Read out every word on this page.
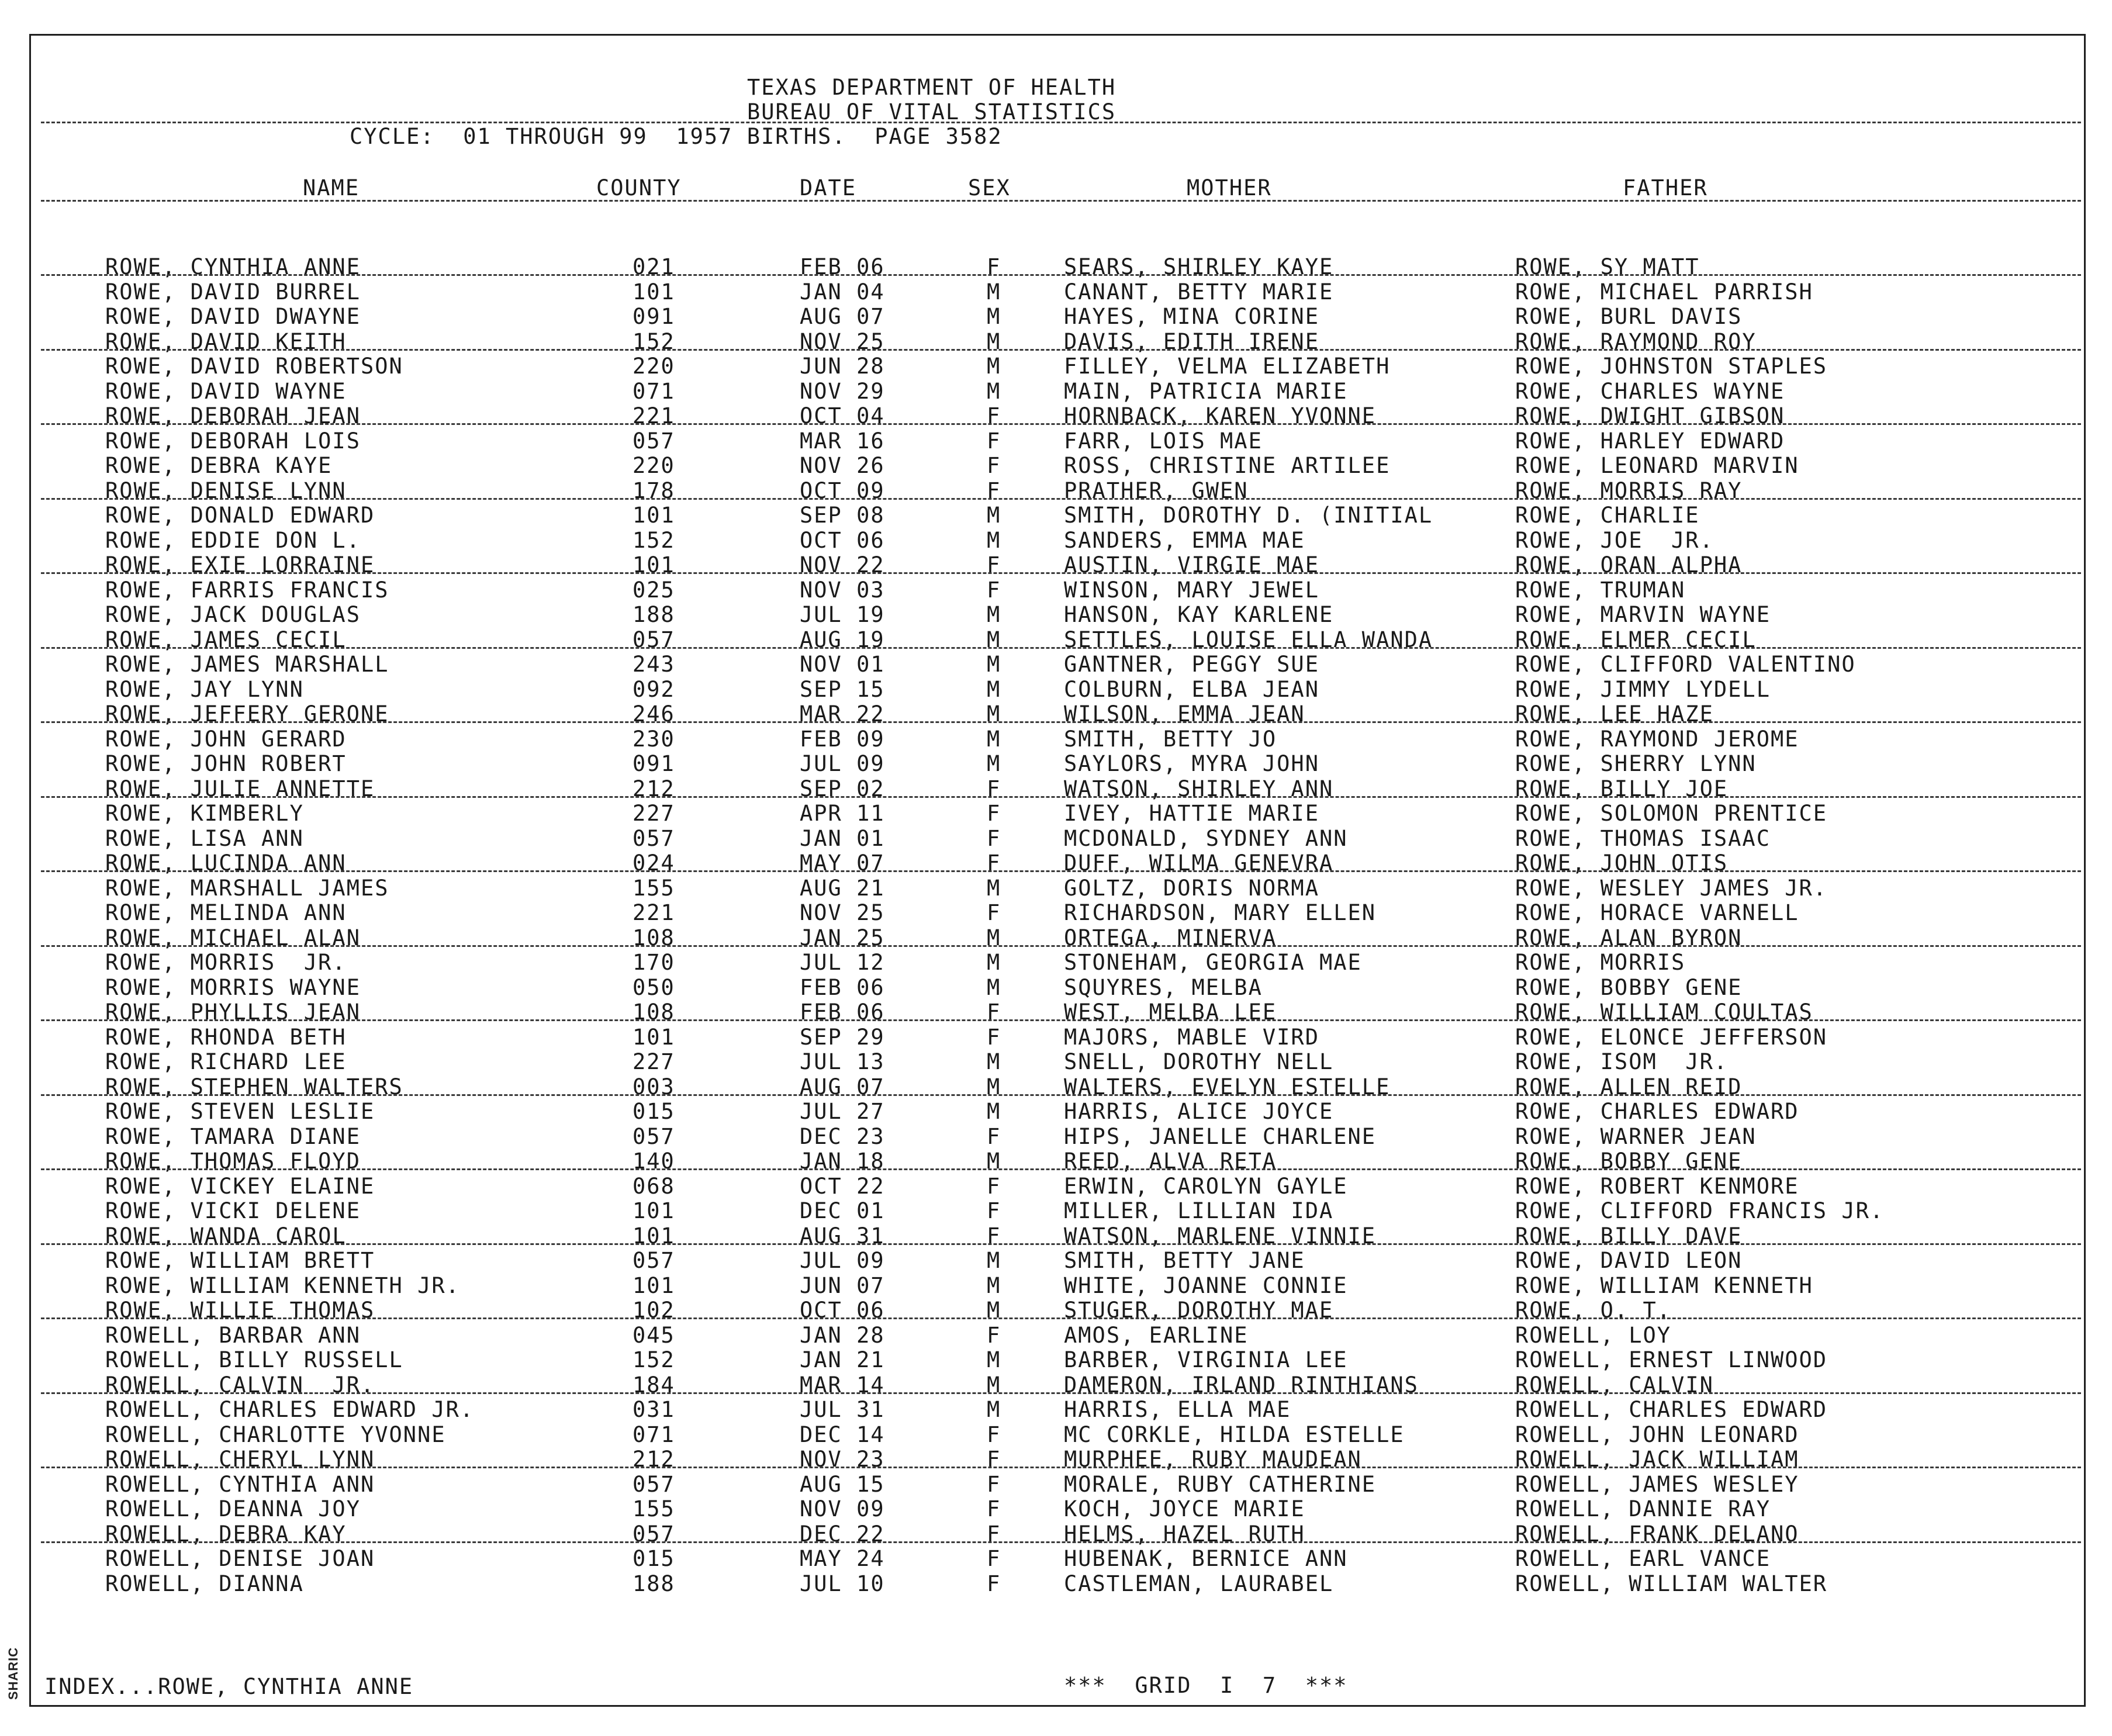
SHARIC
TEXAS DEPARTMENT OF HEALTH
BUREAU OF VITAL STATISTICS
CYCLE:  01 THROUGH 99  1957 BIRTHS.  PAGE 3582
NAME	COUNTY	DATE	SEX	MOTHER	FATHER
ROWE, CYNTHIA ANNE	021	FEB 06	F	SEARS, SHIRLEY KAYE	ROWE, SY MATT
ROWE, DAVID BURREL	101	JAN 04	M	CANANT, BETTY MARIE	ROWE, MICHAEL PARRISH
ROWE, DAVID DWAYNE	091	AUG 07	M	HAYES, MINA CORINE	ROWE, BURL DAVIS
ROWE, DAVID KEITH	152	NOV 25	M	DAVIS, EDITH IRENE	ROWE, RAYMOND ROY
ROWE, DAVID ROBERTSON	220	JUN 28	M	FILLEY, VELMA ELIZABETH	ROWE, JOHNSTON STAPLES
ROWE, DAVID WAYNE	071	NOV 29	M	MAIN, PATRICIA MARIE	ROWE, CHARLES WAYNE
ROWE, DEBORAH JEAN	221	OCT 04	F	HORNBACK, KAREN YVONNE	ROWE, DWIGHT GIBSON
ROWE, DEBORAH LOIS	057	MAR 16	F	FARR, LOIS MAE	ROWE, HARLEY EDWARD
ROWE, DEBRA KAYE	220	NOV 26	F	ROSS, CHRISTINE ARTILEE	ROWE, LEONARD MARVIN
ROWE, DENISE LYNN	178	OCT 09	F	PRATHER, GWEN	ROWE, MORRIS RAY
ROWE, DONALD EDWARD	101	SEP 08	M	SMITH, DOROTHY D. (INITIAL	ROWE, CHARLIE
ROWE, EDDIE DON L.	152	OCT 06	M	SANDERS, EMMA MAE	ROWE, JOE  JR.
ROWE, EXIE LORRAINE	101	NOV 22	F	AUSTIN, VIRGIE MAE	ROWE, ORAN ALPHA
ROWE, FARRIS FRANCIS	025	NOV 03	F	WINSON, MARY JEWEL	ROWE, TRUMAN
ROWE, JACK DOUGLAS	188	JUL 19	M	HANSON, KAY KARLENE	ROWE, MARVIN WAYNE
ROWE, JAMES CECIL	057	AUG 19	M	SETTLES, LOUISE ELLA WANDA	ROWE, ELMER CECIL
ROWE, JAMES MARSHALL	243	NOV 01	M	GANTNER, PEGGY SUE	ROWE, CLIFFORD VALENTINO
ROWE, JAY LYNN	092	SEP 15	M	COLBURN, ELBA JEAN	ROWE, JIMMY LYDELL
ROWE, JEFFERY GERONE	246	MAR 22	M	WILSON, EMMA JEAN	ROWE, LEE HAZE
ROWE, JOHN GERARD	230	FEB 09	M	SMITH, BETTY JO	ROWE, RAYMOND JEROME
ROWE, JOHN ROBERT	091	JUL 09	M	SAYLORS, MYRA JOHN	ROWE, SHERRY LYNN
ROWE, JULIE ANNETTE	212	SEP 02	F	WATSON, SHIRLEY ANN	ROWE, BILLY JOE
ROWE, KIMBERLY	227	APR 11	F	IVEY, HATTIE MARIE	ROWE, SOLOMON PRENTICE
ROWE, LISA ANN	057	JAN 01	F	MCDONALD, SYDNEY ANN	ROWE, THOMAS ISAAC
ROWE, LUCINDA ANN	024	MAY 07	F	DUFF, WILMA GENEVRA	ROWE, JOHN OTIS
ROWE, MARSHALL JAMES	155	AUG 21	M	GOLTZ, DORIS NORMA	ROWE, WESLEY JAMES JR.
ROWE, MELINDA ANN	221	NOV 25	F	RICHARDSON, MARY ELLEN	ROWE, HORACE VARNELL
ROWE, MICHAEL ALAN	108	JAN 25	M	ORTEGA, MINERVA	ROWE, ALAN BYRON
ROWE, MORRIS  JR.	170	JUL 12	M	STONEHAM, GEORGIA MAE	ROWE, MORRIS
ROWE, MORRIS WAYNE	050	FEB 06	M	SQUYRES, MELBA	ROWE, BOBBY GENE
ROWE, PHYLLIS JEAN	108	FEB 06	F	WEST, MELBA LEE	ROWE, WILLIAM COULTAS
ROWE, RHONDA BETH	101	SEP 29	F	MAJORS, MABLE VIRD	ROWE, ELONCE JEFFERSON
ROWE, RICHARD LEE	227	JUL 13	M	SNELL, DOROTHY NELL	ROWE, ISOM  JR.
ROWE, STEPHEN WALTERS	003	AUG 07	M	WALTERS, EVELYN ESTELLE	ROWE, ALLEN REID
ROWE, STEVEN LESLIE	015	JUL 27	M	HARRIS, ALICE JOYCE	ROWE, CHARLES EDWARD
ROWE, TAMARA DIANE	057	DEC 23	F	HIPS, JANELLE CHARLENE	ROWE, WARNER JEAN
ROWE, THOMAS FLOYD	140	JAN 18	M	REED, ALVA RETA	ROWE, BOBBY GENE
ROWE, VICKEY ELAINE	068	OCT 22	F	ERWIN, CAROLYN GAYLE	ROWE, ROBERT KENMORE
ROWE, VICKI DELENE	101	DEC 01	F	MILLER, LILLIAN IDA	ROWE, CLIFFORD FRANCIS JR.
ROWE, WANDA CAROL	101	AUG 31	F	WATSON, MARLENE VINNIE	ROWE, BILLY DAVE
ROWE, WILLIAM BRETT	057	JUL 09	M	SMITH, BETTY JANE	ROWE, DAVID LEON
ROWE, WILLIAM KENNETH JR.	101	JUN 07	M	WHITE, JOANNE CONNIE	ROWE, WILLIAM KENNETH
ROWE, WILLIE THOMAS	102	OCT 06	M	STUGER, DOROTHY MAE	ROWE, O. T.
ROWELL, BARBAR ANN	045	JAN 28	F	AMOS, EARLINE	ROWELL, LOY
ROWELL, BILLY RUSSELL	152	JAN 21	M	BARBER, VIRGINIA LEE	ROWELL, ERNEST LINWOOD
ROWELL, CALVIN  JR.	184	MAR 14	M	DAMERON, IRLAND RINTHIANS	ROWELL, CALVIN
ROWELL, CHARLES EDWARD JR.	031	JUL 31	M	HARRIS, ELLA MAE	ROWELL, CHARLES EDWARD
ROWELL, CHARLOTTE YVONNE	071	DEC 14	F	MC CORKLE, HILDA ESTELLE	ROWELL, JOHN LEONARD
ROWELL, CHERYL LYNN	212	NOV 23	F	MURPHEE, RUBY MAUDEAN	ROWELL, JACK WILLIAM
ROWELL, CYNTHIA ANN	057	AUG 15	F	MORALE, RUBY CATHERINE	ROWELL, JAMES WESLEY
ROWELL, DEANNA JOY	155	NOV 09	F	KOCH, JOYCE MARIE	ROWELL, DANNIE RAY
ROWELL, DEBRA KAY	057	DEC 22	F	HELMS, HAZEL RUTH	ROWELL, FRANK DELANO
ROWELL, DENISE JOAN	015	MAY 24	F	HUBENAK, BERNICE ANN	ROWELL, EARL VANCE
ROWELL, DIANNA	188	JUL 10	F	CASTLEMAN, LAURABEL	ROWELL, WILLIAM WALTER
INDEX...ROWE, CYNTHIA ANNE	***  GRID  I  7  ***
